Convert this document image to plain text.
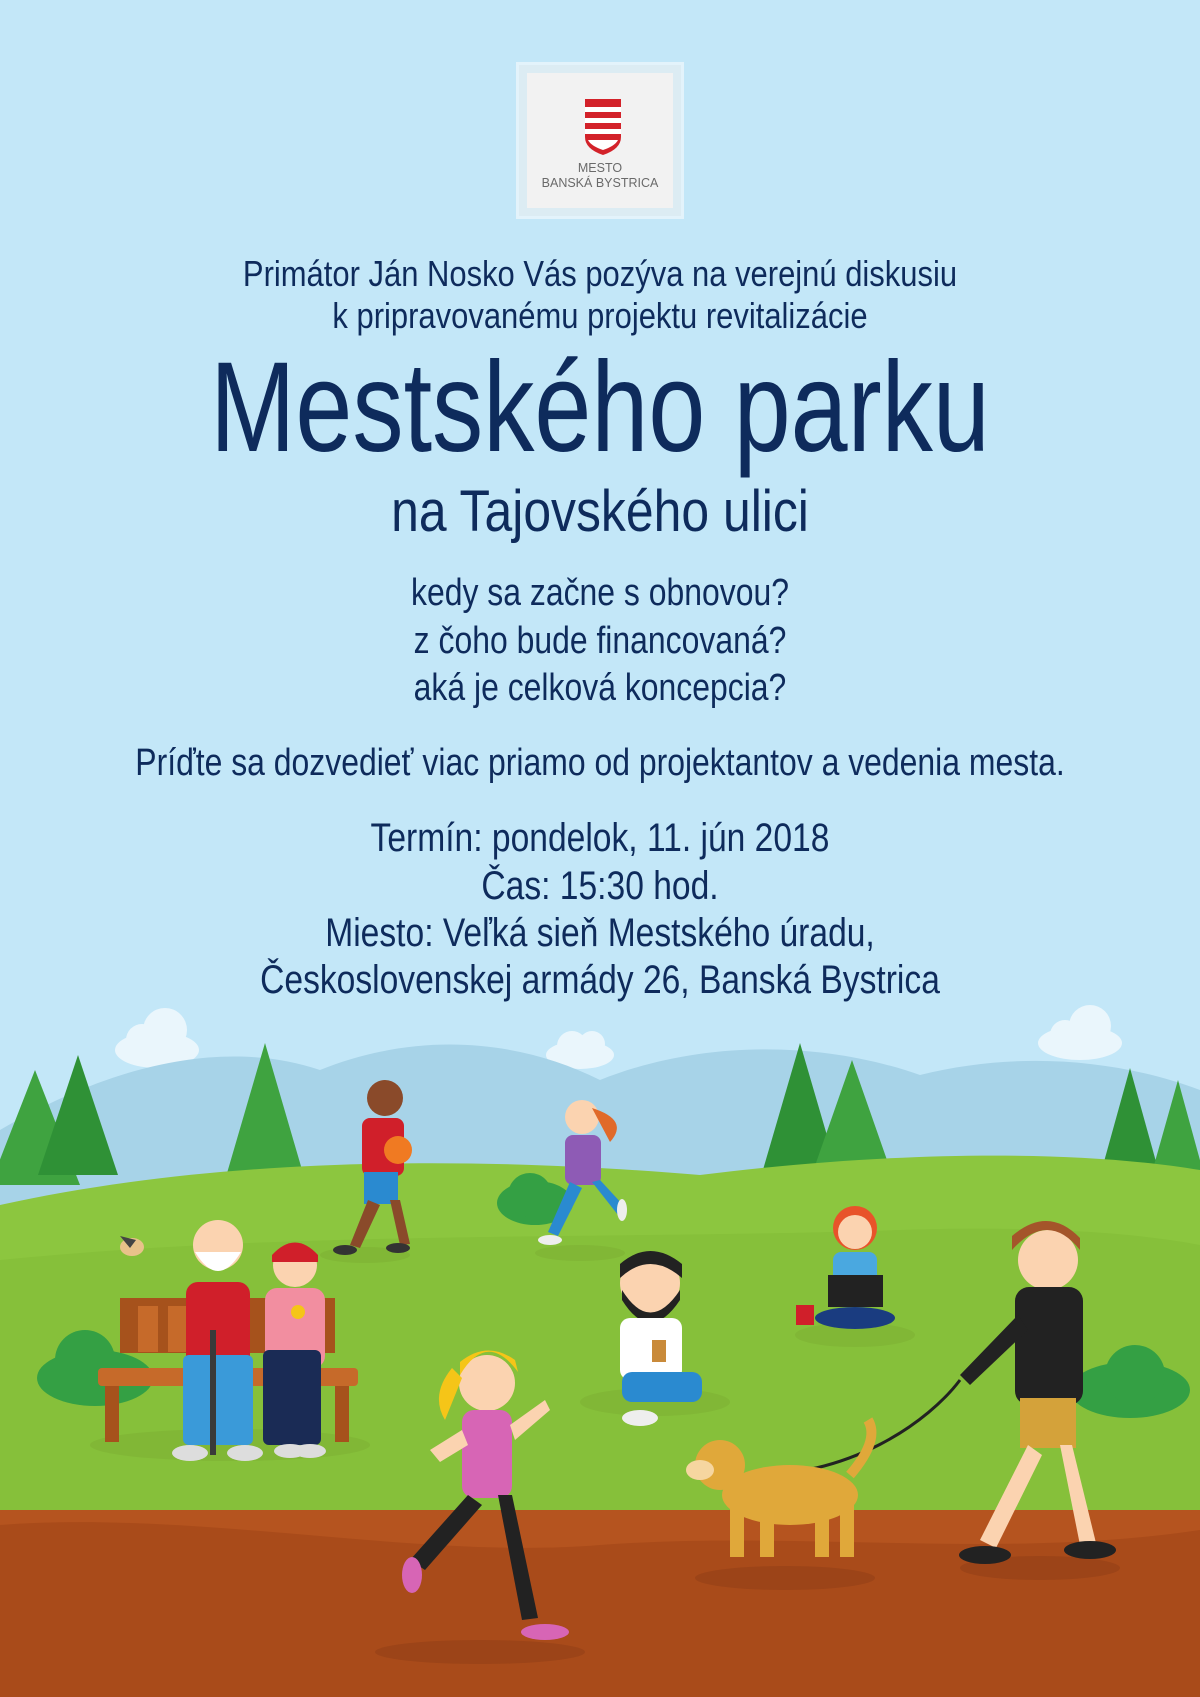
MESTO
BANSKÁ BYSTRICA
Primátor Ján Nosko Vás pozýva na verejnú diskusiu
k pripravovanému projektu revitalizácie
Mestského parku
na Tajovského ulici
kedy sa začne s obnovou?
z čoho bude financovaná?
aká je celková koncepcia?
Príďte sa dozvedieť viac priamo od projektantov a vedenia mesta.
Termín: pondelok, 11. jún 2018
Čas: 15:30 hod.
Miesto: Veľká sieň Mestského úradu,
Československej armády 26, Banská Bystrica
